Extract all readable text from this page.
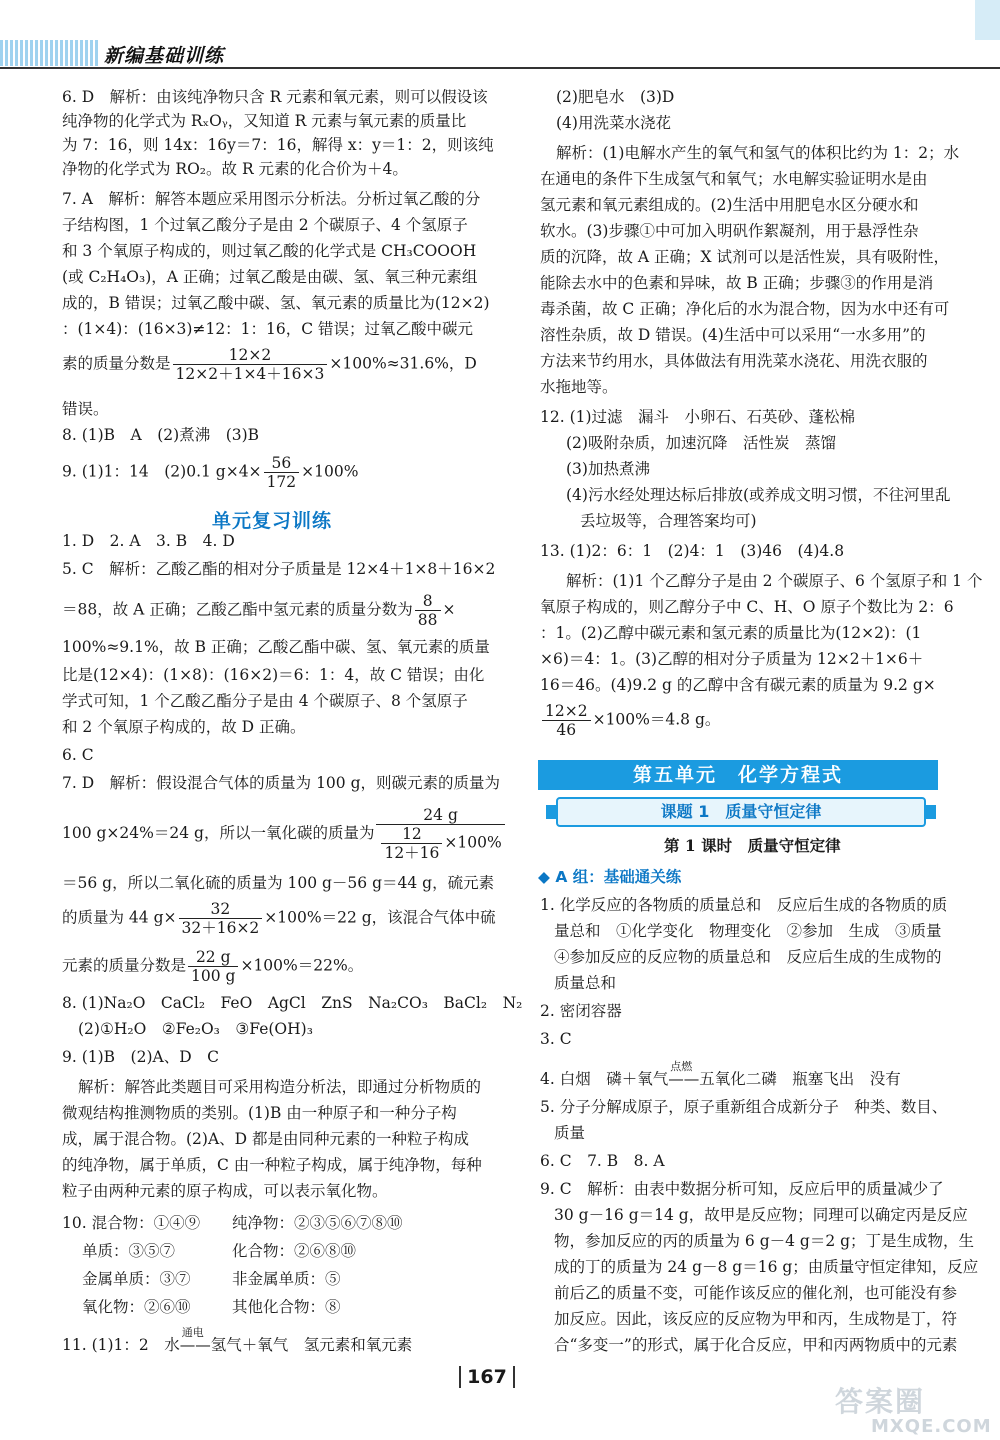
新编基础训练
6. D　解析：由该纯净物只含 R 元素和氧元素，则可以假设该
纯净物的化学式为 RₓOᵧ，又知道 R 元素与氧元素的质量比
为 7：16，则 14x：16y＝7：16，解得 x：y＝1：2，则该纯
净物的化学式为 RO₂。故 R 元素的化合价为＋4。
7. A　解析：解答本题应采用图示分析法。分析过氧乙酸的分
子结构图，1 个过氧乙酸分子是由 2 个碳原子、4 个氢原子
和 3 个氧原子构成的，则过氧乙酸的化学式是 CH₃COOOH
(或 C₂H₄O₃)，A 正确；过氧乙酸是由碳、氢、氧三种元素组
成的，B 错误；过氧乙酸中碳、氢、氧元素的质量比为(12×2)
：(1×4)：(16×3)≠12：1：16，C 错误；过氧乙酸中碳元
素的质量分数是 $\frac{12\times 2}{12\times 2+1\times 4+16\times 3} \times 100\%\approx 31.6\%$，D
错误。
8. (1)B　A　(2)煮沸　(3)B
9. (1)1：14　(2)0.1 $g\times 4\times \frac{56}{172} \times 100\%$
单元复习训练
1. D　2. A　3. B　4. D
5. C　解析：乙酸乙酯的相对分子质量是 12×4＋1×8＋16×2
＝88，故 A 正确；乙酸乙酯中氢元素的质量分数为 $\frac{8}{88}$ ×
100%≈9.1%，故 B 正确；乙酸乙酯中碳、氢、氧元素的质量
比是(12×4)：(1×8)：(16×2)＝6：1：4，故 C 错误；由化
学式可知，1 个乙酸乙酯分子是由 4 个碳原子、8 个氢原子
和 2 个氧原子构成的，故 D 正确。
6. C
7. D　解析：假设混合气体的质量为 100 g，则碳元素的质量为
100 g×24%＝24 g，所以一氧化碳的质量为 $\frac{24 g}{\frac{12}{12+16} \times 100\%}$
＝56 g，所以二氧化硫的质量为 100 g－56 g＝44 g，硫元素
的质量为 44 $g\times \frac{32}{32+16\times 2} \times 100\%=22$ g，该混合气体中硫
元素的质量分数是 $\frac{22 g}{100 g} \times 100\%=22\%$。
8. (1)Na₂O　CaCl₂　FeO　AgCl　ZnS　Na₂CO₃　BaCl₂　N₂
(2)①H₂O　②Fe₂O₃　③Fe(OH)₃
9. (1)B　(2)A、D　C
解析：解答此类题目可采用构造分析法，即通过分析物质的
微观结构推测物质的类别。(1)B 由一种原子和一种分子构
成，属于混合物。(2)A、D 都是由同种元素的一种粒子构成
的纯净物，属于单质，C 由一种粒子构成，属于纯净物，每种
粒子由两种元素的原子构成，可以表示氧化物。
10. 混合物：①④⑨ 纯净物：②③⑤⑥⑦⑧⑩
单质：③⑤⑦	化合物：②⑥⑧⑩
金属单质：③⑦	非金属单质：⑤
氧化物：②⑥⑩	其他化合物：⑧
11. (1)1：2　水
通电
——氢气＋氧气　氢元素和氧元素
(2)肥皂水　(3)D
(4)用洗菜水浇花
解析：(1)电解水产生的氧气和氢气的体积比约为 1：2；水
在通电的条件下生成氢气和氧气；水电解实验证明水是由
氢元素和氧元素组成的。(2)生活中用肥皂水区分硬水和
软水。(3)步骤①中可加入明矾作絮凝剂，用于悬浮性杂
质的沉降，故 A 正确；X 试剂可以是活性炭，具有吸附性，
能除去水中的色素和异味，故 B 正确；步骤③的作用是消
毒杀菌，故 C 正确；净化后的水为混合物，因为水中还有可
溶性杂质，故 D 错误。(4)生活中可以采用“一水多用”的
方法来节约用水，具体做法有用洗菜水浇花、用洗衣服的
水拖地等。
12. (1)过滤　漏斗　小卵石、石英砂、蓬松棉
(2)吸附杂质，加速沉降　活性炭　蒸馏
(3)加热煮沸
(4)污水经处理达标后排放(或养成文明习惯，不往河里乱
丢垃圾等，合理答案均可)
13. (1)2：6：1　(2)4：1　(3)46　(4)4.8
解析：(1)1 个乙醇分子是由 2 个碳原子、6 个氢原子和 1 个
氧原子构成的，则乙醇分子中 C、H、O 原子个数比为 2：6
：1。(2)乙醇中碳元素和氢元素的质量比为(12×2)：(1
×6)＝4：1。(3)乙醇的相对分子质量为 12×2＋1×6＋
16＝46。(4)9.2 g 的乙醇中含有碳元素的质量为 9.2 g×
$\frac{12\times 2}{46} \times 100\%=4.8$ g。
第五单元　化学方程式
课题 1　质量守恒定律
第 1 课时　质量守恒定律
◆ A 组：基础通关练
1. 化学反应的各物质的质量总和　反应后生成的各物质的质
量总和　①化学变化　物理变化　②参加　生成　③质量
④参加反应的反应物的质量总和　反应后生成的生成物的
质量总和
2. 密闭容器
3. C
4. 白烟　磷＋氧气
点燃
——五氧化二磷　瓶塞飞出　没有
5. 分子分解成原子，原子重新组合成新分子　种类、数目、
质量
6. C　7. B　8. A
9. C　解析：由表中数据分析可知，反应后甲的质量减少了
30 g－16 g＝14 g，故甲是反应物；同理可以确定丙是反应
物，参加反应的丙的质量为 6 g－4 g＝2 g；丁是生成物，生
成的丁的质量为 24 g－8 g＝16 g；由质量守恒定律知，反应
前后乙的质量不变，可能作该反应的催化剂，也可能没有参
加反应。因此，该反应的反应物为甲和丙，生成物是丁，符
合“多变一”的形式，属于化合反应，甲和丙两物质中的元素
167
答案圈
MXQE.COM
